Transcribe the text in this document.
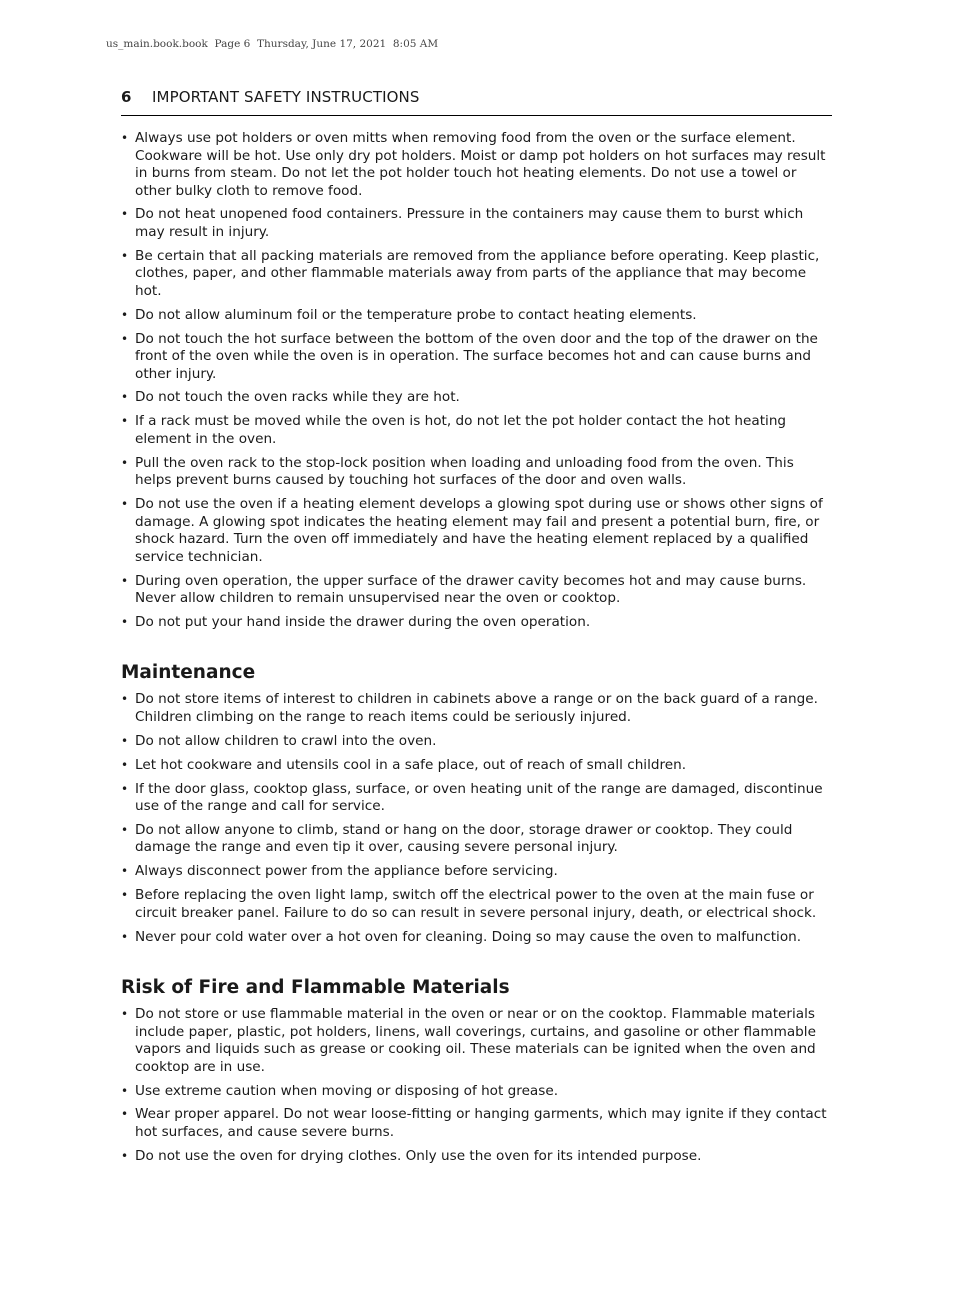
us_main.book.book  Page 6  Thursday, June 17, 2021  8:05 AM
6	IMPORTANT SAFETY INSTRUCTIONS
• Always use pot holders or oven mitts when removing food from the oven or the surface element. Cookware will be hot. Use only dry pot holders. Moist or damp pot holders on hot surfaces may result in burns from steam. Do not let the pot holder touch hot heating elements. Do not use a towel or other bulky cloth to remove food.
• Do not heat unopened food containers. Pressure in the containers may cause them to burst which may result in injury.
• Be certain that all packing materials are removed from the appliance before operating. Keep plastic, clothes, paper, and other flammable materials away from parts of the appliance that may become hot.
• Do not allow aluminum foil or the temperature probe to contact heating elements.
• Do not touch the hot surface between the bottom of the oven door and the top of the drawer on the front of the oven while the oven is in operation. The surface becomes hot and can cause burns and other injury.
• Do not touch the oven racks while they are hot.
• If a rack must be moved while the oven is hot, do not let the pot holder contact the hot heating element in the oven.
• Pull the oven rack to the stop-lock position when loading and unloading food from the oven. This helps prevent burns caused by touching hot surfaces of the door and oven walls.
• Do not use the oven if a heating element develops a glowing spot during use or shows other signs of damage. A glowing spot indicates the heating element may fail and present a potential burn, fire, or shock hazard. Turn the oven off immediately and have the heating element replaced by a qualified service technician.
• During oven operation, the upper surface of the drawer cavity becomes hot and may cause burns. Never allow children to remain unsupervised near the oven or cooktop.
• Do not put your hand inside the drawer during the oven operation.
Maintenance
• Do not store items of interest to children in cabinets above a range or on the back guard of a range. Children climbing on the range to reach items could be seriously injured.
• Do not allow children to crawl into the oven.
• Let hot cookware and utensils cool in a safe place, out of reach of small children.
• If the door glass, cooktop glass, surface, or oven heating unit of the range are damaged, discontinue use of the range and call for service.
• Do not allow anyone to climb, stand or hang on the door, storage drawer or cooktop. They could damage the range and even tip it over, causing severe personal injury.
• Always disconnect power from the appliance before servicing.
• Before replacing the oven light lamp, switch off the electrical power to the oven at the main fuse or circuit breaker panel. Failure to do so can result in severe personal injury, death, or electrical shock.
• Never pour cold water over a hot oven for cleaning. Doing so may cause the oven to malfunction.
Risk of Fire and Flammable Materials
• Do not store or use flammable material in the oven or near or on the cooktop. Flammable materials include paper, plastic, pot holders, linens, wall coverings, curtains, and gasoline or other flammable vapors and liquids such as grease or cooking oil. These materials can be ignited when the oven and cooktop are in use.
• Use extreme caution when moving or disposing of hot grease.
• Wear proper apparel. Do not wear loose-fitting or hanging garments, which may ignite if they contact hot surfaces, and cause severe burns.
• Do not use the oven for drying clothes. Only use the oven for its intended purpose.
